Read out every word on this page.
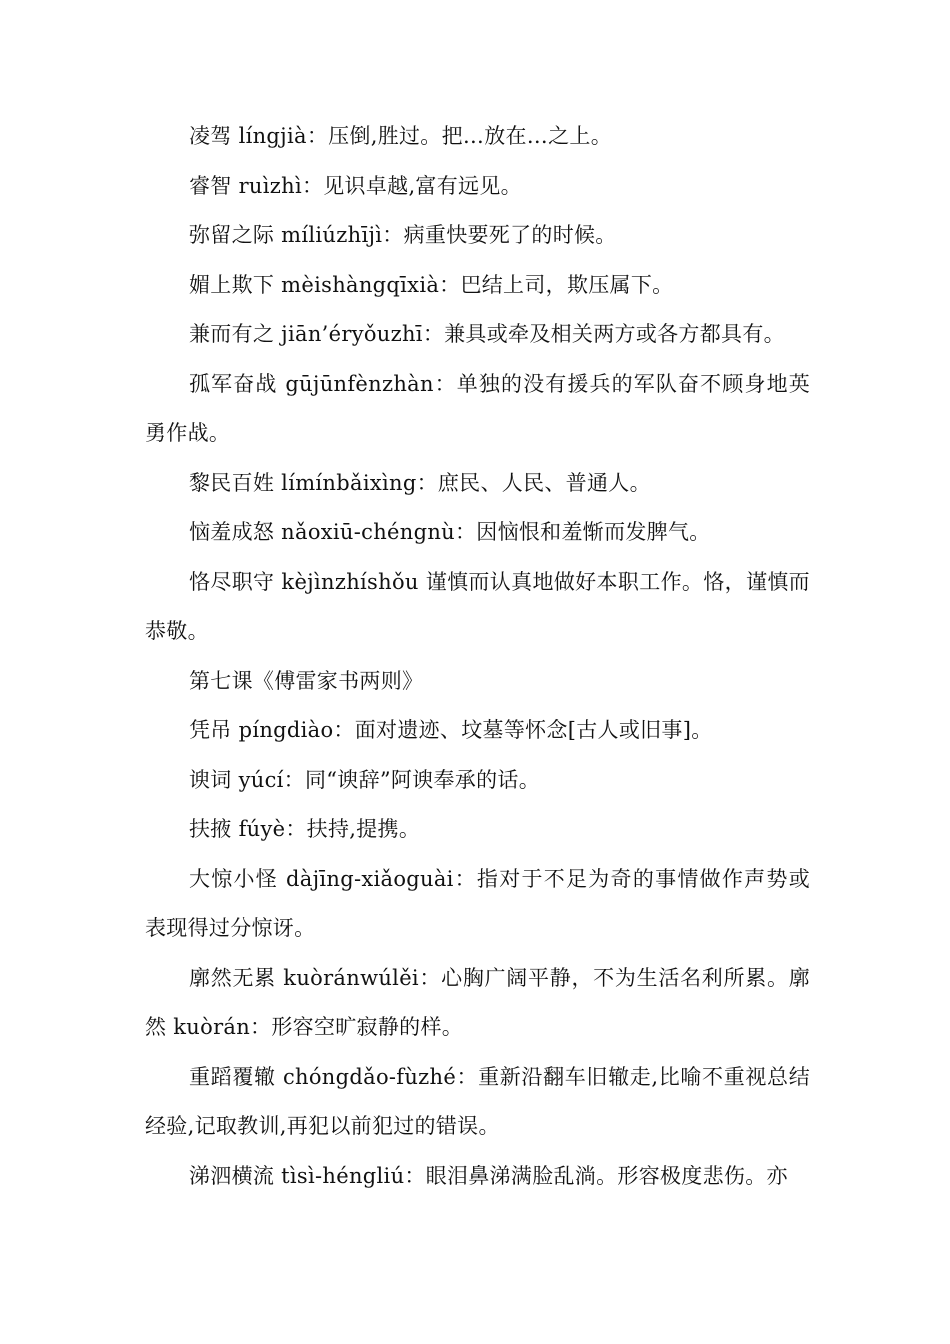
凌驾 língjià：压倒,胜过。把…放在…之上。

睿智 ruìzhì：见识卓越,富有远见。

弥留之际 míliúzhījì：病重快要死了的时候。

媚上欺下 mèishàngqīxià：巴结上司，欺压属下。

兼而有之 jiān’éryǒuzhī：兼具或牵及相关两方或各方都具有。

孤军奋战 gūjūnfènzhàn：单独的没有援兵的军队奋不顾身地英勇作战。

黎民百姓 límínbǎixìng：庶民、人民、普通人。

恼羞成怒 nǎoxiū-chéngnù：因恼恨和羞惭而发脾气。

恪尽职守 kèjìnzhíshǒu 谨慎而认真地做好本职工作。恪，谨慎而恭敬。

第七课《傅雷家书两则》

凭吊 píngdiào：面对遗迹、坟墓等怀念[古人或旧事]。

谀词 yúcí：同“谀辞”阿谀奉承的话。

扶掖 fúyè：扶持,提携。

大惊小怪 dàjīng-xiǎoguài：指对于不足为奇的事情做作声势或表现得过分惊讶。

廓然无累 kuòránwúlěi：心胸广阔平静，不为生活名利所累。廓然 kuòrán：形容空旷寂静的样。

重蹈覆辙 chóngdǎo-fùzhé：重新沿翻车旧辙走,比喻不重视总结经验,记取教训,再犯以前犯过的错误。

涕泗横流 tìsì-héngliú：眼泪鼻涕满脸乱淌。形容极度悲伤。亦
